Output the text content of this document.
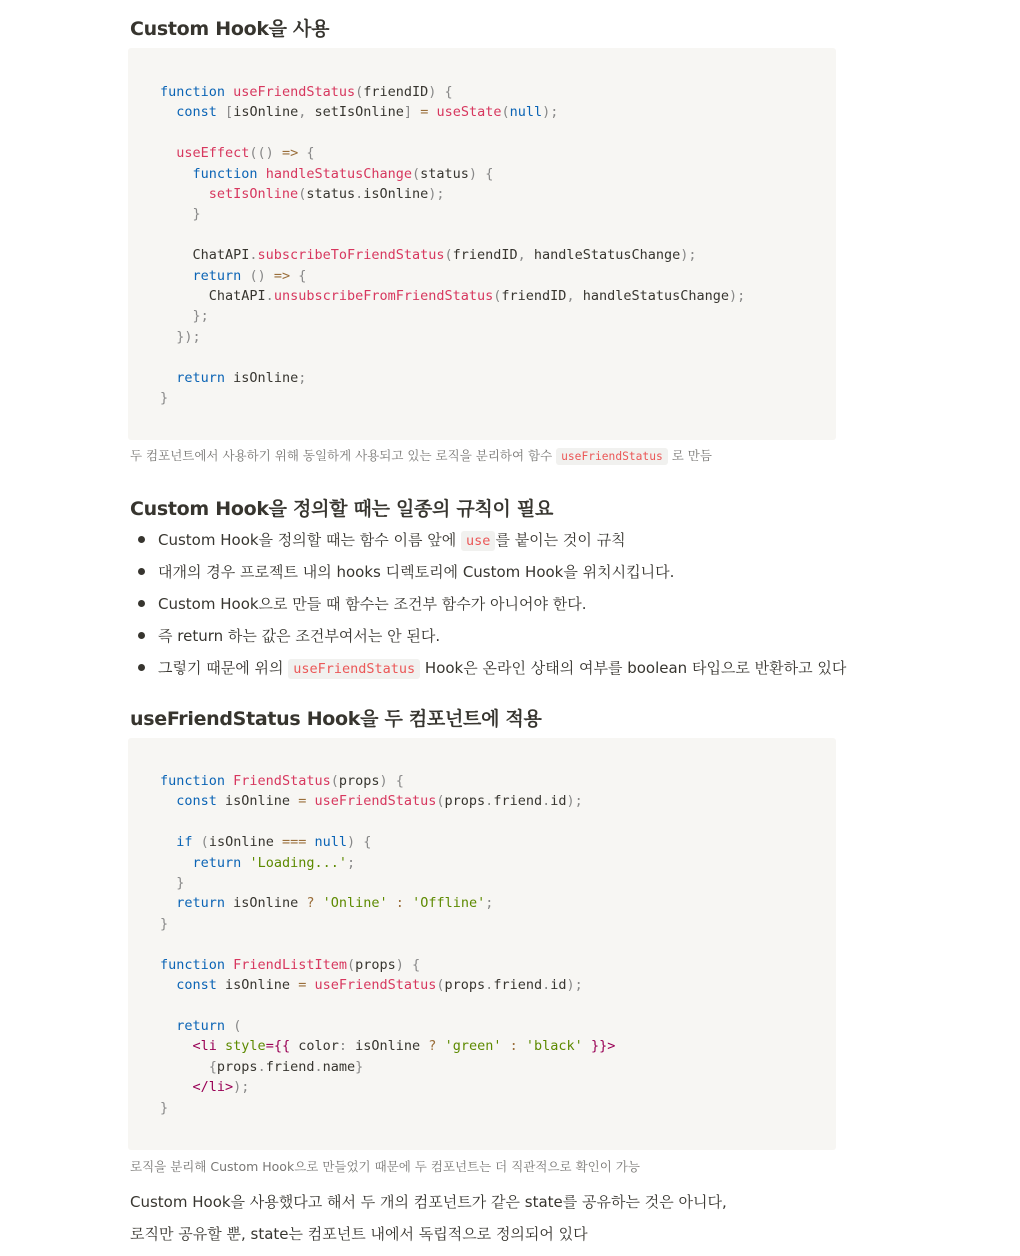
Custom Hook을 사용
function useFriendStatus(friendID) {
const [isOnline, setIsOnline] = useState(null);

useEffect(() => {
function handleStatusChange(status) {
setIsOnline(status.isOnline);
}

ChatAPI.subscribeToFriendStatus(friendID, handleStatusChange);
return () => {
ChatAPI.unsubscribeFromFriendStatus(friendID, handleStatusChange);
};
});

return isOnline;
}
두 컴포넌트에서 사용하기 위해 동일하게 사용되고 있는 로직을 분리하여 함수 useFriendStatus 로 만듬
Custom Hook을 정의할 때는 일종의 규칙이 필요
Custom Hook을 정의할 때는 함수 이름 앞에 use 를 붙이는 것이 규칙
대개의 경우 프로젝트 내의 hooks 디렉토리에 Custom Hook을 위치시킵니다.
Custom Hook으로 만들 때 함수는 조건부 함수가 아니어야 한다.
즉 return 하는 값은 조건부여서는 안 된다.
그렇기 때문에 위의 useFriendStatus Hook은 온라인 상태의 여부를 boolean 타입으로 반환하고 있다
useFriendStatus Hook을 두 컴포넌트에 적용
function FriendStatus(props) {
const isOnline = useFriendStatus(props.friend.id);

if (isOnline === null) {
return 'Loading...';
}
return isOnline ? 'Online' : 'Offline';
}

function FriendListItem(props) {
const isOnline = useFriendStatus(props.friend.id);

return (
<li style={{ color: isOnline ? 'green' : 'black' }}>
{props.friend.name}
</li>);
}
로직을 분리해 Custom Hook으로 만들었기 때문에 두 컴포넌트는 더 직관적으로 확인이 가능
Custom Hook을 사용했다고 해서 두 개의 컴포넌트가 같은 state를 공유하는 것은 아니다,
로직만 공유할 뿐, state는 컴포넌트 내에서 독립적으로 정의되어 있다
